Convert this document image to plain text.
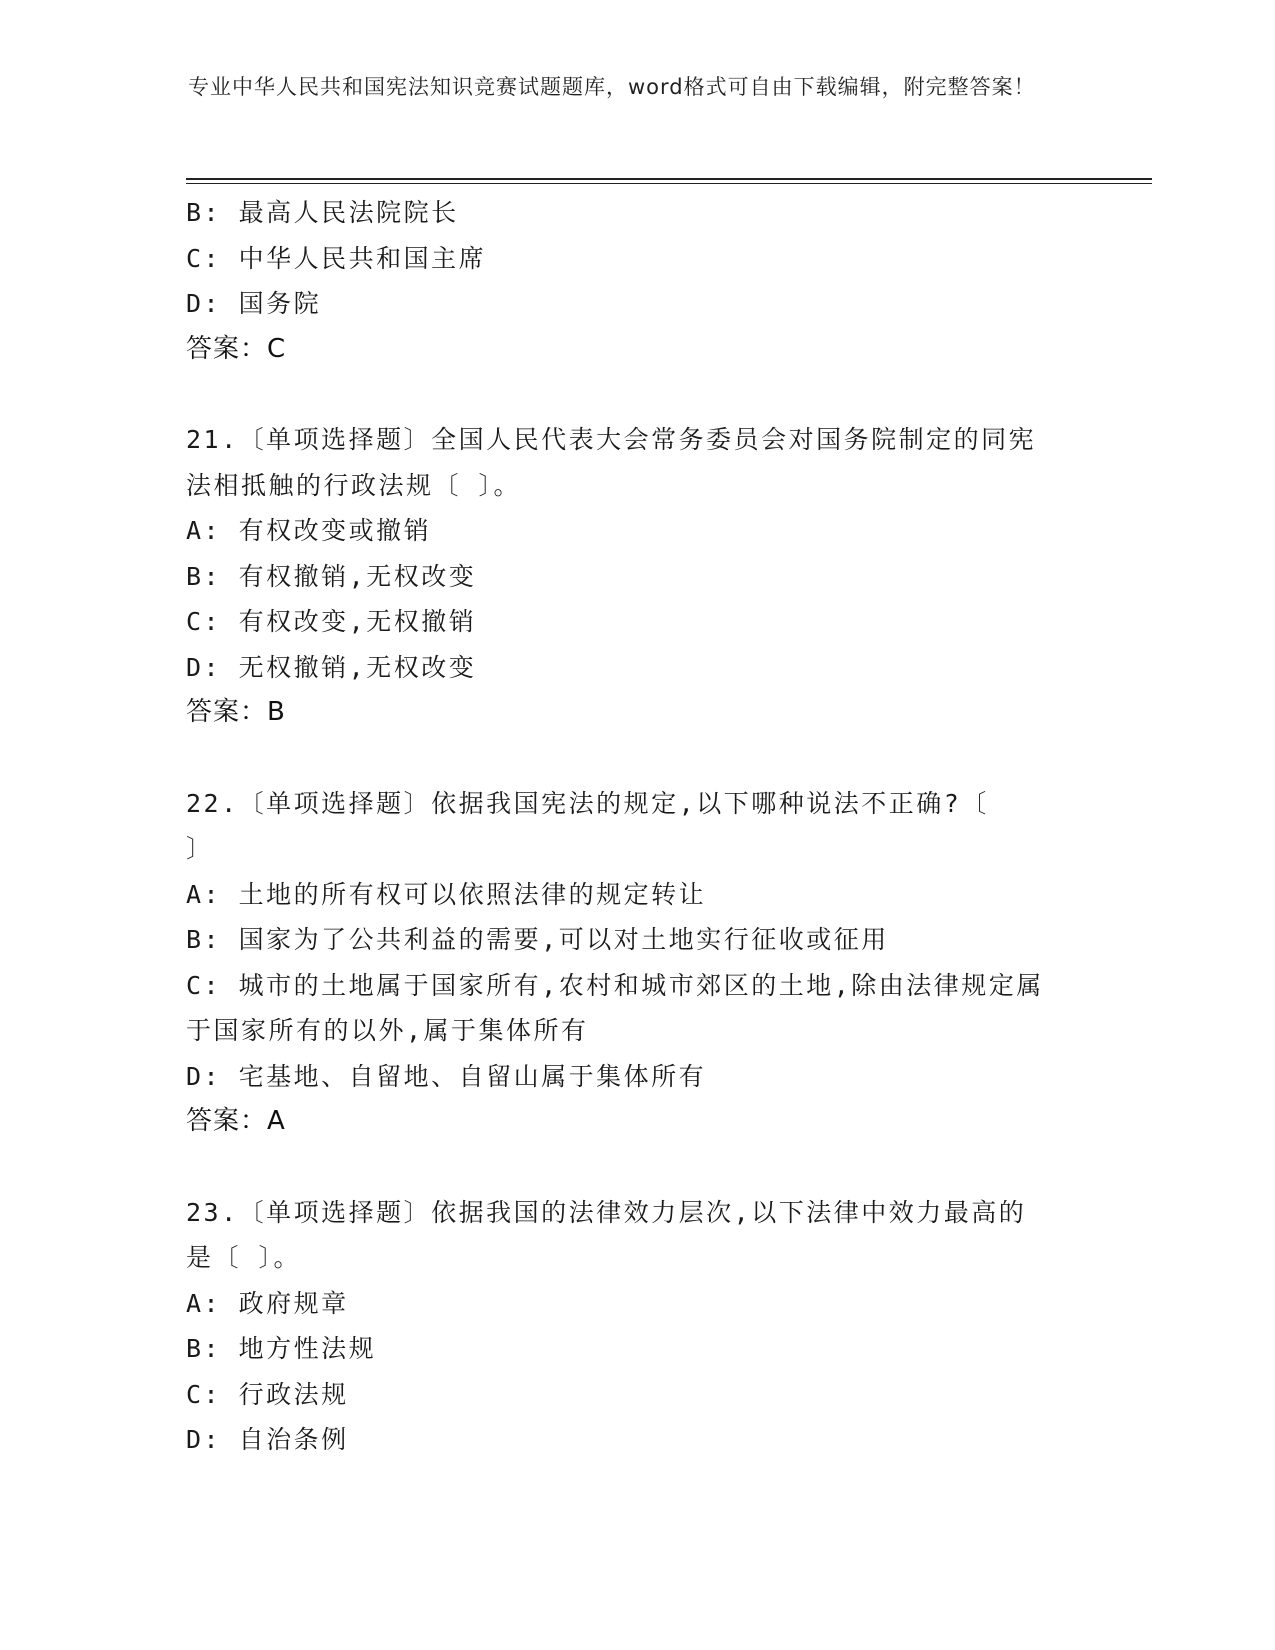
专业中华人民共和国宪法知识竞赛试题题库，word格式可自由下载编辑，附完整答案！
B: 最高人民法院院长
C: 中华人民共和国主席
D: 国务院
答案：C
21.〔单项选择题〕全国人民代表大会常务委员会对国务院制定的同宪
法相抵触的行政法规〔 〕。
A: 有权改变或撤销
B: 有权撤销,无权改变
C: 有权改变,无权撤销
D: 无权撤销,无权改变
答案：B
22.〔单项选择题〕依据我国宪法的规定,以下哪种说法不正确?〔
〕
A: 土地的所有权可以依照法律的规定转让
B: 国家为了公共利益的需要,可以对土地实行征收或征用
C: 城市的土地属于国家所有,农村和城市郊区的土地,除由法律规定属
于国家所有的以外,属于集体所有
D: 宅基地、自留地、自留山属于集体所有
答案：A
23.〔单项选择题〕依据我国的法律效力层次,以下法律中效力最高的
是〔 〕。
A: 政府规章
B: 地方性法规
C: 行政法规
D: 自治条例
